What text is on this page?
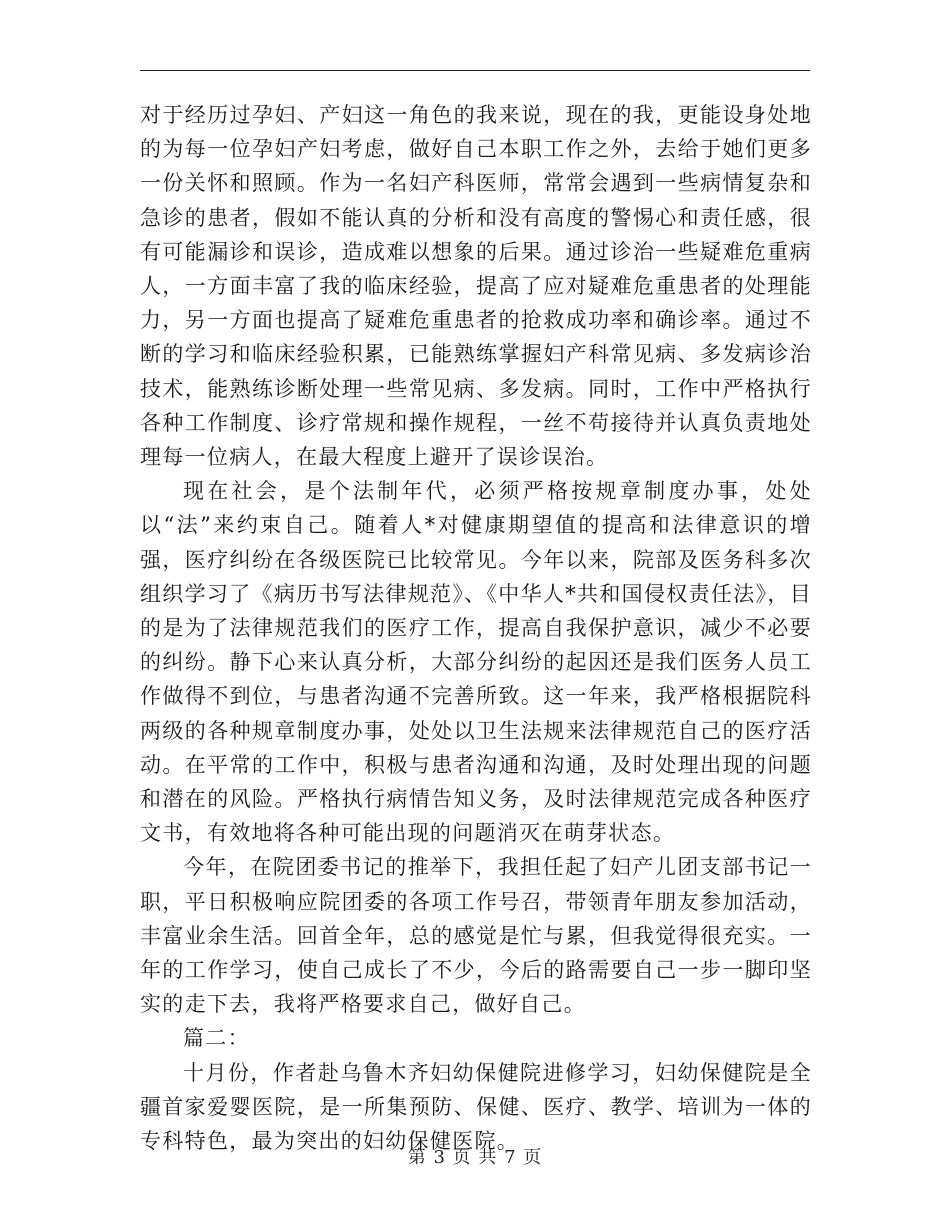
对于经历过孕妇、产妇这一角色的我来说，现在的我，更能设身处地的为每一位孕妇产妇考虑，做好自己本职工作之外，去给于她们更多一份关怀和照顾。作为一名妇产科医师，常常会遇到一些病情复杂和急诊的患者，假如不能认真的分析和没有高度的警惕心和责任感，很有可能漏诊和误诊，造成难以想象的后果。通过诊治一些疑难危重病人，一方面丰富了我的临床经验，提高了应对疑难危重患者的处理能力，另一方面也提高了疑难危重患者的抢救成功率和确诊率。通过不断的学习和临床经验积累，已能熟练掌握妇产科常见病、多发病诊治技术，能熟练诊断处理一些常见病、多发病。同时，工作中严格执行各种工作制度、诊疗常规和操作规程，一丝不苟接待并认真负责地处理每一位病人，在最大程度上避开了误诊误治。

现在社会，是个法制年代，必须严格按规章制度办事，处处以“法”来约束自己。随着人*对健康期望值的提高和法律意识的增强，医疗纠纷在各级医院已比较常见。今年以来，院部及医务科多次组织学习了《病历书写法律规范》、《中华人*共和国侵权责任法》，目的是为了法律规范我们的医疗工作，提高自我保护意识，减少不必要的纠纷。静下心来认真分析，大部分纠纷的起因还是我们医务人员工作做得不到位，与患者沟通不完善所致。这一年来，我严格根据院科两级的各种规章制度办事，处处以卫生法规来法律规范自己的医疗活动。在平常的工作中，积极与患者沟通和沟通，及时处理出现的问题和潜在的风险。严格执行病情告知义务，及时法律规范完成各种医疗文书，有效地将各种可能出现的问题消灭在萌芽状态。

今年，在院团委书记的推举下，我担任起了妇产儿团支部书记一职，平日积极响应院团委的各项工作号召，带领青年朋友参加活动，丰富业余生活。回首全年，总的感觉是忙与累，但我觉得很充实。一年的工作学习，使自己成长了不少，今后的路需要自己一步一脚印坚实的走下去，我将严格要求自己，做好自己。

篇二：

十月份，作者赴乌鲁木齐妇幼保健院进修学习，妇幼保健院是全疆首家爱婴医院，是一所集预防、保健、医疗、教学、培训为一体的专科特色，最为突出的妇幼保健医院。

第 3 页 共 7 页
